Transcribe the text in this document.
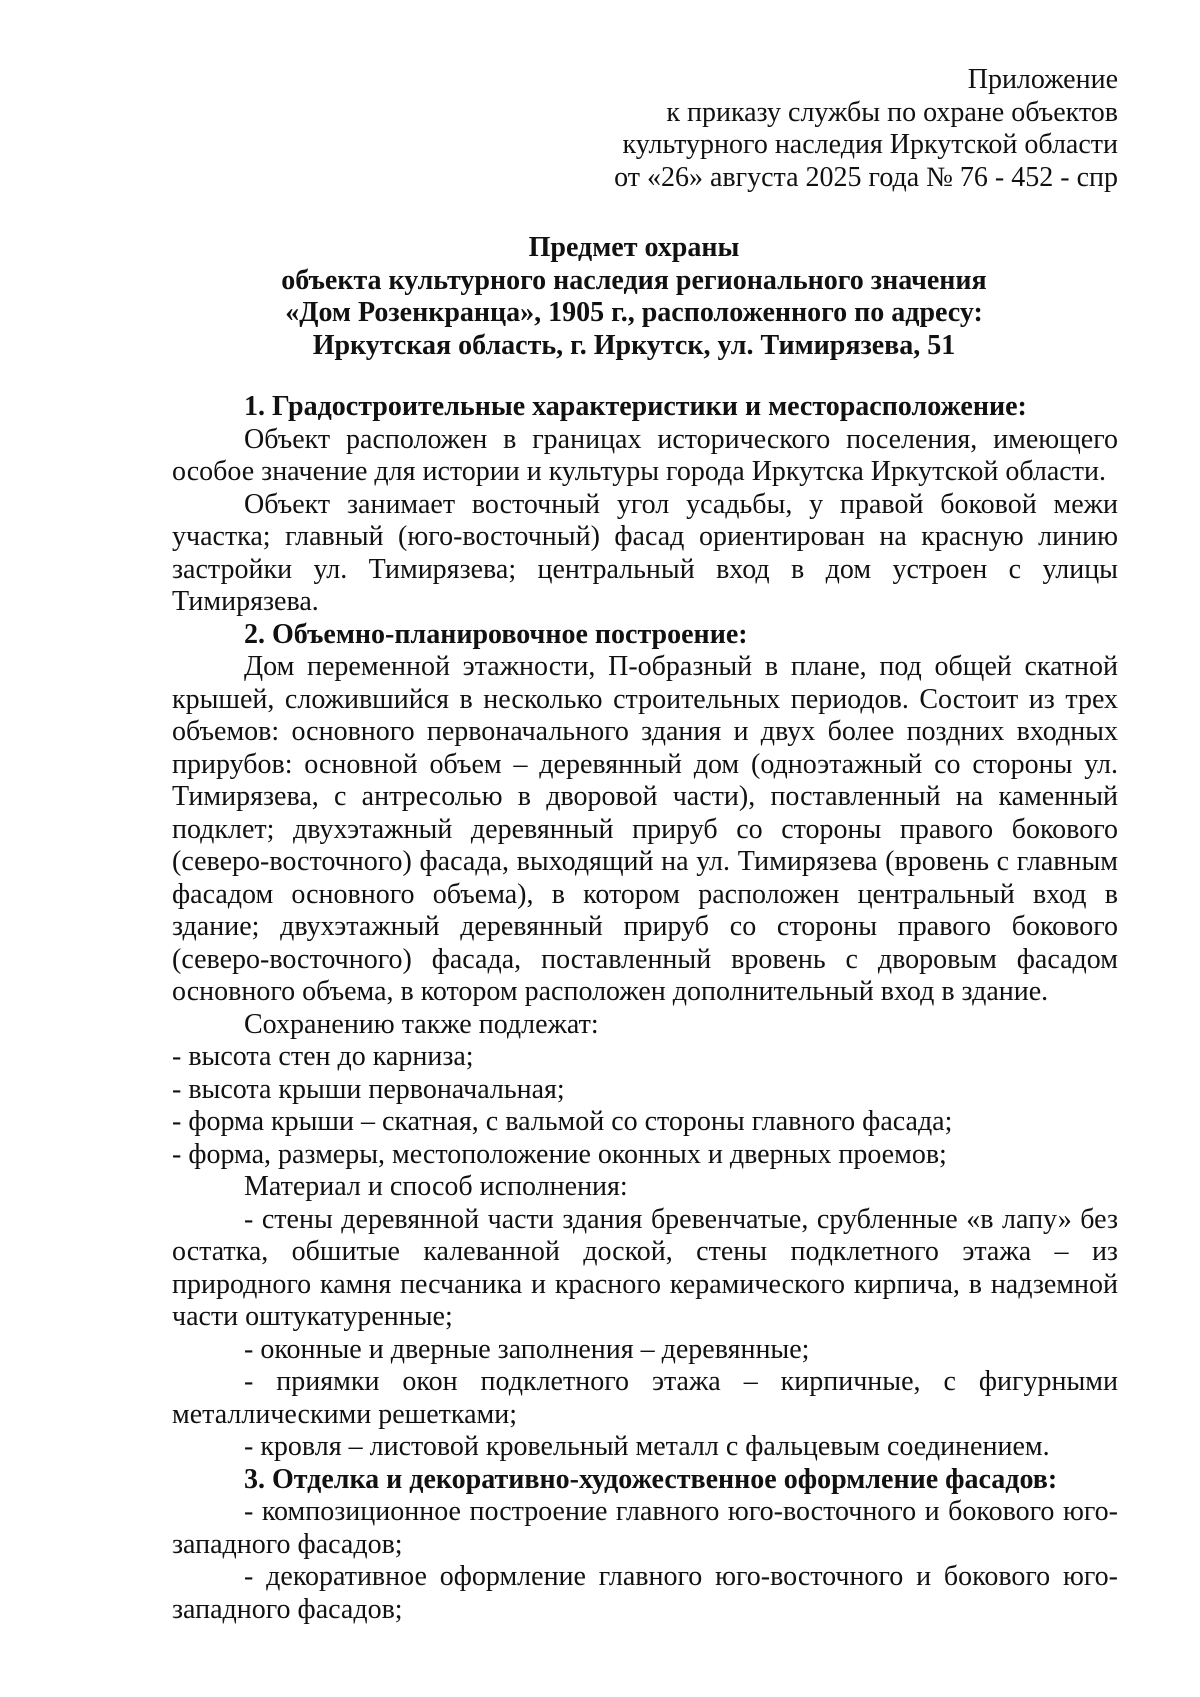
Приложение
к приказу службы по охране объектов
культурного наследия Иркутской области
от «26» августа 2025 года № 76 - 452 - спр
Предмет охраны
объекта культурного наследия регионального значения
«Дом Розенкранца», 1905 г., расположенного по адресу:
Иркутская область, г. Иркутск, ул. Тимирязева, 51

1. Градостроительные характеристики и месторасположение:

Объект расположен в границах исторического поселения, имеющего особое значение для истории и культуры города Иркутска Иркутской области.

Объект занимает восточный угол усадьбы, у правой боковой межи участка; главный (юго-восточный) фасад ориентирован на красную линию застройки ул. Тимирязева; центральный вход в дом устроен с улицы Тимирязева.

2. Объемно-планировочное построение:

Дом переменной этажности, П-образный в плане, под общей скатной крышей, сложившийся в несколько строительных периодов. Состоит из трех объемов: основного первоначального здания и двух более поздних входных прирубов: основной объем – деревянный дом (одноэтажный со стороны ул. Тимирязева, с антресолью в дворовой части), поставленный на каменный подклет; двухэтажный деревянный прируб со стороны правого бокового (северо-восточного) фасада, выходящий на ул. Тимирязева (вровень с главным фасадом основного объема), в котором расположен центральный вход в здание; двухэтажный деревянный прируб со стороны правого бокового (северо-восточного) фасада, поставленный вровень с дворовым фасадом основного объема, в котором расположен дополнительный вход в здание.

Сохранению также подлежат:

- высота стен до карниза;

- высота крыши первоначальная;

- форма крыши – скатная, с вальмой со стороны главного фасада;

- форма, размеры, местоположение оконных и дверных проемов;

Материал и способ исполнения:

- стены деревянной части здания бревенчатые, срубленные «в лапу» без остатка, обшитые калеванной доской, стены подклетного этажа – из природного камня песчаника и красного керамического кирпича, в надземной части оштукатуренные;

- оконные и дверные заполнения – деревянные;

- приямки окон подклетного этажа – кирпичные, с фигурными металлическими решетками;

- кровля – листовой кровельный металл с фальцевым соединением.

3. Отделка и декоративно-художественное оформление фасадов:

- композиционное построение главного юго-восточного и бокового юго-западного фасадов;

- декоративное оформление главного юго-восточного и бокового юго-западного фасадов;
